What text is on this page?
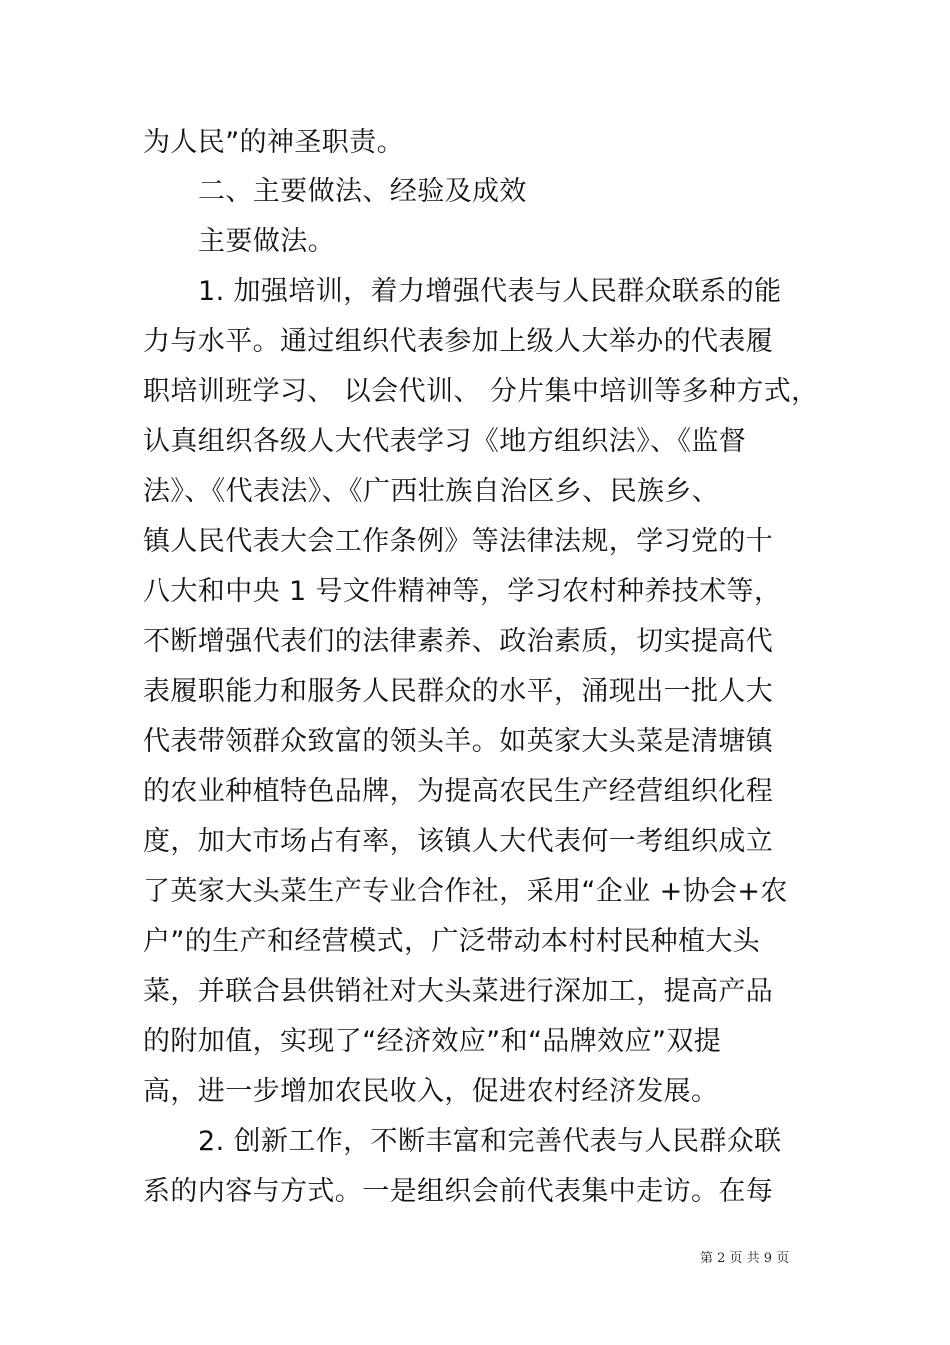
为人民”的神圣职责。
二、主要做法、经验及成效
主要做法。
1. 加强培训，着力增强代表与人民群众联系的能
力与水平。通过组织代表参加上级人大举办的代表履
职培训班学习、 以会代训、 分片集中培训等多种方式，
认真组织各级人大代表学习《地方组织法》、《监督
法》、《代表法》、《广西壮族自治区乡、民族乡、
镇人民代表大会工作条例》等法律法规，学习党的十
八大和中央 1 号文件精神等，学习农村种养技术等，
不断增强代表们的法律素养、政治素质，切实提高代
表履职能力和服务人民群众的水平，涌现出一批人大
代表带领群众致富的领头羊。如英家大头菜是清塘镇
的农业种植特色品牌，为提高农民生产经营组织化程
度，加大市场占有率，该镇人大代表何一考组织成立
了英家大头菜生产专业合作社，采用“企业 +协会+农
户”的生产和经营模式，广泛带动本村村民种植大头
菜，并联合县供销社对大头菜进行深加工，提高产品
的附加值，实现了“经济效应”和“品牌效应”双提
高，进一步增加农民收入，促进农村经济发展。
2. 创新工作，不断丰富和完善代表与人民群众联
系的内容与方式。一是组织会前代表集中走访。在每
第 2 页 共 9 页
